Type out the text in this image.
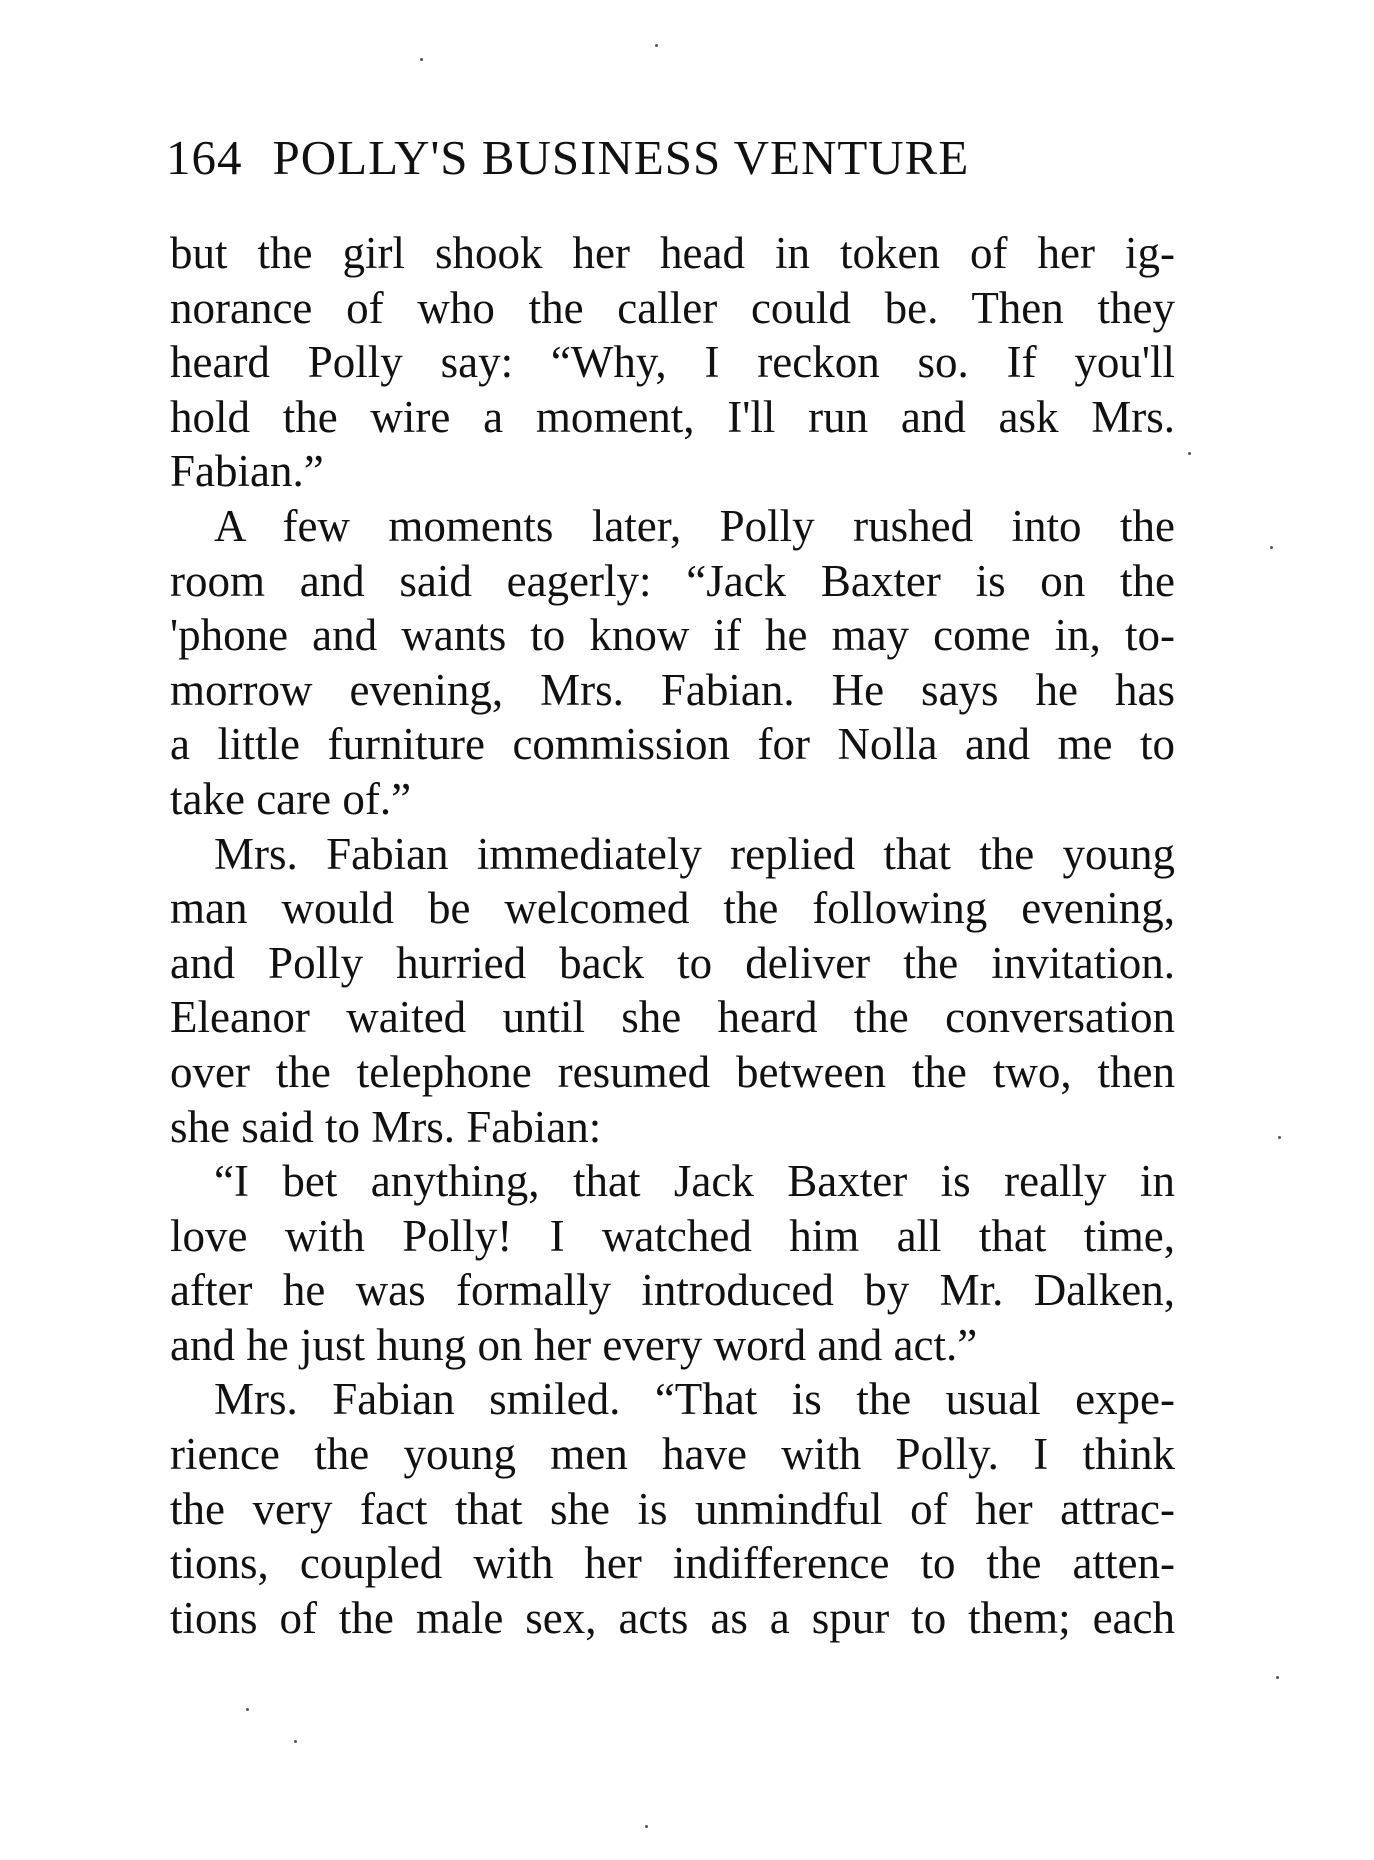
164 POLLY'S BUSINESS VENTURE
but the girl shook her head in token of her ig-
norance of who the caller could be. Then they
heard Polly say: “Why, I reckon so. If you'll
hold the wire a moment, I'll run and ask Mrs.
Fabian.”
A few moments later, Polly rushed into the
room and said eagerly: “Jack Baxter is on the
'phone and wants to know if he may come in, to-
morrow evening, Mrs. Fabian. He says he has
a little furniture commission for Nolla and me to
take care of.”
Mrs. Fabian immediately replied that the young
man would be welcomed the following evening,
and Polly hurried back to deliver the invitation.
Eleanor waited until she heard the conversation
over the telephone resumed between the two, then
she said to Mrs. Fabian:
“I bet anything, that Jack Baxter is really in
love with Polly! I watched him all that time,
after he was formally introduced by Mr. Dalken,
and he just hung on her every word and act.”
Mrs. Fabian smiled. “That is the usual expe-
rience the young men have with Polly. I think
the very fact that she is unmindful of her attrac-
tions, coupled with her indifference to the atten-
tions of the male sex, acts as a spur to them; each
